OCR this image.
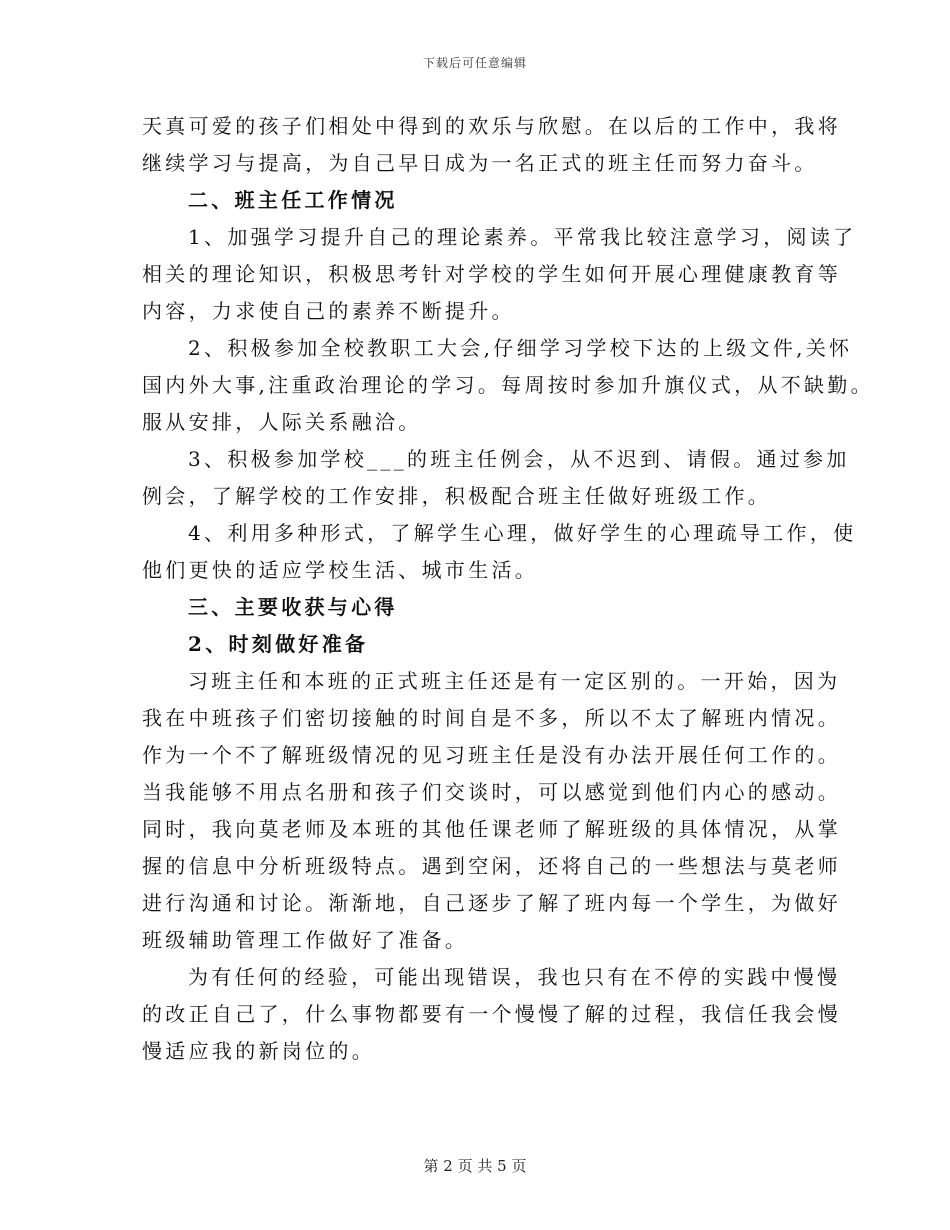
下载后可任意编辑
天真可爱的孩子们相处中得到的欢乐与欣慰。在以后的工作中，我将
继续学习与提高，为自己早日成为一名正式的班主任而努力奋斗。
二、班主任工作情况
1、加强学习提升自己的理论素养。平常我比较注意学习，阅读了
相关的理论知识，积极思考针对学校的学生如何开展心理健康教育等
内容，力求使自己的素养不断提升。
2、积极参加全校教职工大会,仔细学习学校下达的上级文件,关怀
国内外大事,注重政治理论的学习。每周按时参加升旗仪式，从不缺勤。
服从安排，人际关系融洽。
3、积极参加学校___的班主任例会，从不迟到、请假。通过参加
例会，了解学校的工作安排，积极配合班主任做好班级工作。
4、利用多种形式，了解学生心理，做好学生的心理疏导工作，使
他们更快的适应学校生活、城市生活。
三、主要收获与心得
2、时刻做好准备
习班主任和本班的正式班主任还是有一定区别的。一开始，因为
我在中班孩子们密切接触的时间自是不多，所以不太了解班内情况。
作为一个不了解班级情况的见习班主任是没有办法开展任何工作的。
当我能够不用点名册和孩子们交谈时，可以感觉到他们内心的感动。
同时，我向莫老师及本班的其他任课老师了解班级的具体情况，从掌
握的信息中分析班级特点。遇到空闲，还将自己的一些想法与莫老师
进行沟通和讨论。渐渐地，自己逐步了解了班内每一个学生，为做好
班级辅助管理工作做好了准备。
为有任何的经验，可能出现错误，我也只有在不停的实践中慢慢
的改正自己了，什么事物都要有一个慢慢了解的过程，我信任我会慢
慢适应我的新岗位的。
第 2 页 共 5 页
